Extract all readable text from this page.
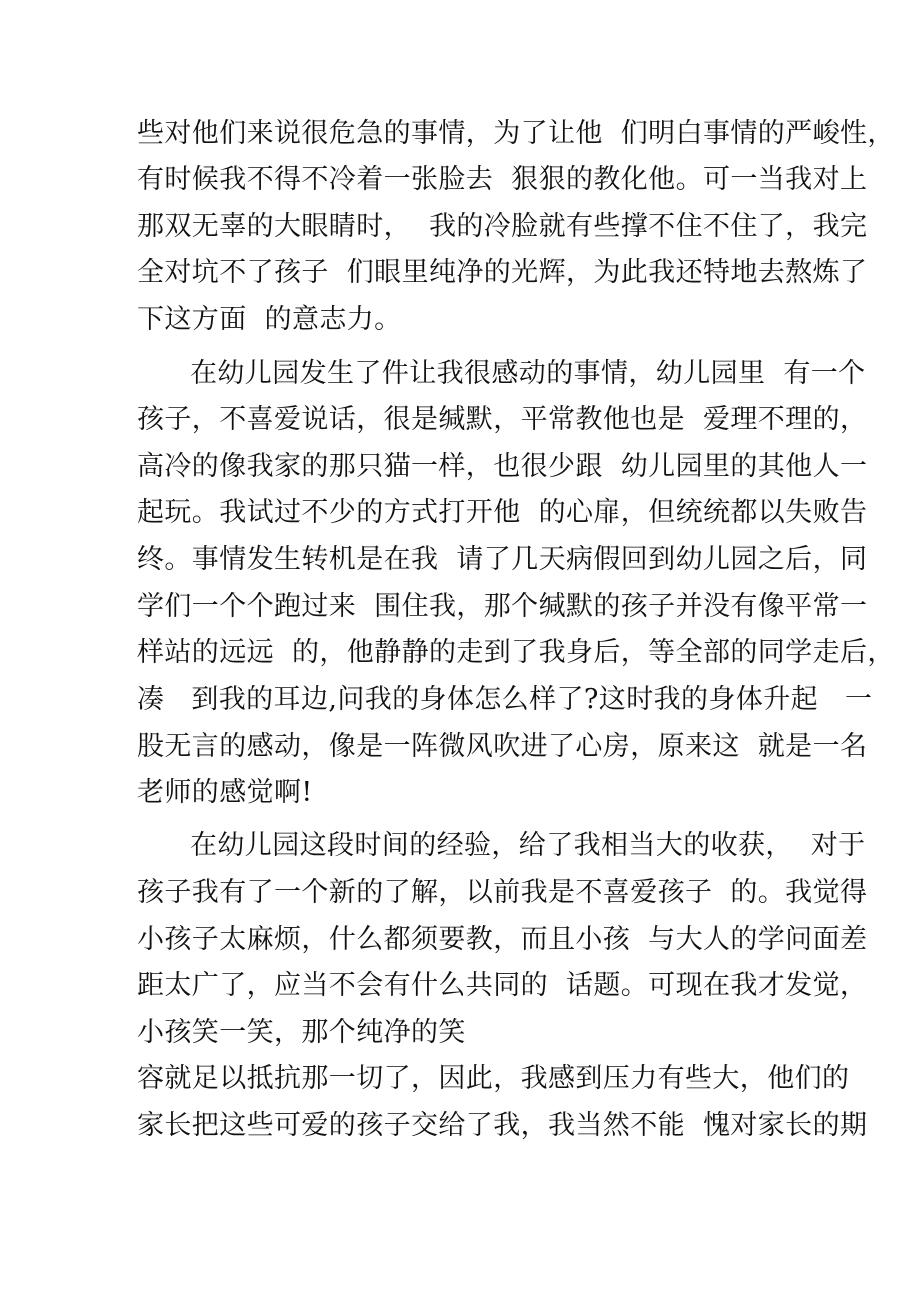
些对他们来说很危急的事情，为了让他  们明白事情的严峻性，
有时候我不得不冷着一张脸去  狠狠的教化他。可一当我对上
那双无辜的大眼睛时，  我的冷脸就有些撑不住不住了，我完
全对坑不了孩子  们眼里纯净的光辉，为此我还特地去熬炼了
下这方面  的意志力。
在幼儿园发生了件让我很感动的事情，幼儿园里  有一个
孩子，不喜爱说话，很是缄默，平常教他也是  爱理不理的，
高冷的像我家的那只猫一样，也很少跟  幼儿园里的其他人一
起玩。我试过不少的方式打开他  的心扉，但统统都以失败告
终。事情发生转机是在我  请了几天病假回到幼儿园之后，同
学们一个个跑过来  围住我，那个缄默的孩子并没有像平常一
样站的远远  的，他静静的走到了我身后，等全部的同学走后，
凑   到我的耳边,问我的身体怎么样了?这时我的身体升起   一
股无言的感动，像是一阵微风吹进了心房，原来这  就是一名
老师的感觉啊!
在幼儿园这段时间的经验，给了我相当大的收获，  对于
孩子我有了一个新的了解，以前我是不喜爱孩子  的。我觉得
小孩子太麻烦，什么都须要教，而且小孩  与大人的学问面差
距太广了，应当不会有什么共同的  话题。可现在我才发觉，
小孩笑一笑，那个纯净的笑
容就足以抵抗那一切了，因此，我感到压力有些大，他们的
家长把这些可爱的孩子交给了我，我当然不能  愧对家长的期
